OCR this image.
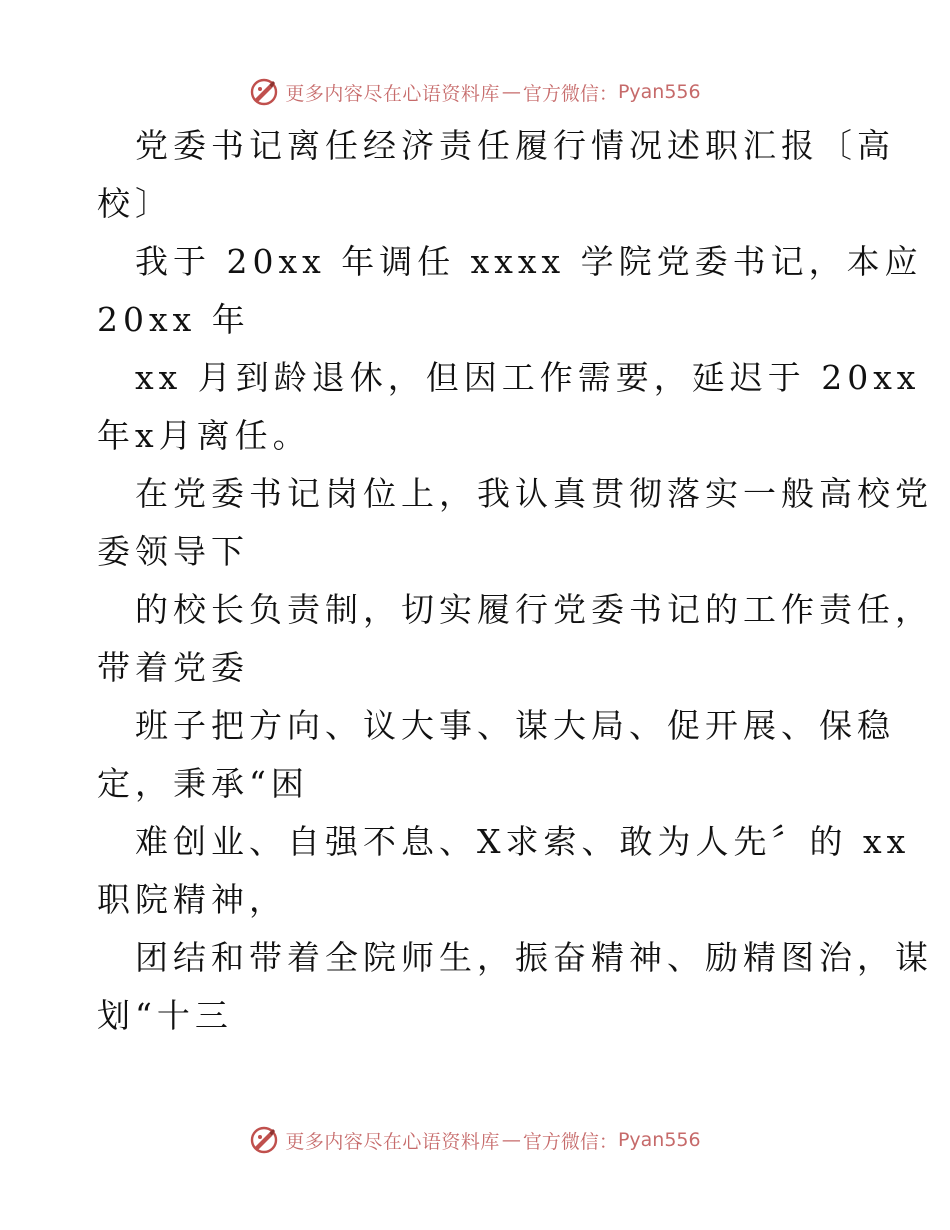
更多内容尽在心语资料库 — 官方微信： Pyan556
党委书记离任经济责任履行情况述职汇报〔高
校〕
我于 20xx 年调任 xxxx 学院党委书记，本应
20xx 年
xx 月到龄退休，但因工作需要，延迟于 20xx
年x月离任。
在党委书记岗位上，我认真贯彻落实一般高校党
委领导下
的校长负责制，切实履行党委书记的工作责任，
带着党委
班子把方向、议大事、谋大局、促开展、保稳
定，秉承“困
难创业、自强不息、X求索、敢为人先〞的 xx
职院精神，
团结和带着全院师生，振奋精神、励精图治，谋
划“十三
更多内容尽在心语资料库 — 官方微信： Pyan556
